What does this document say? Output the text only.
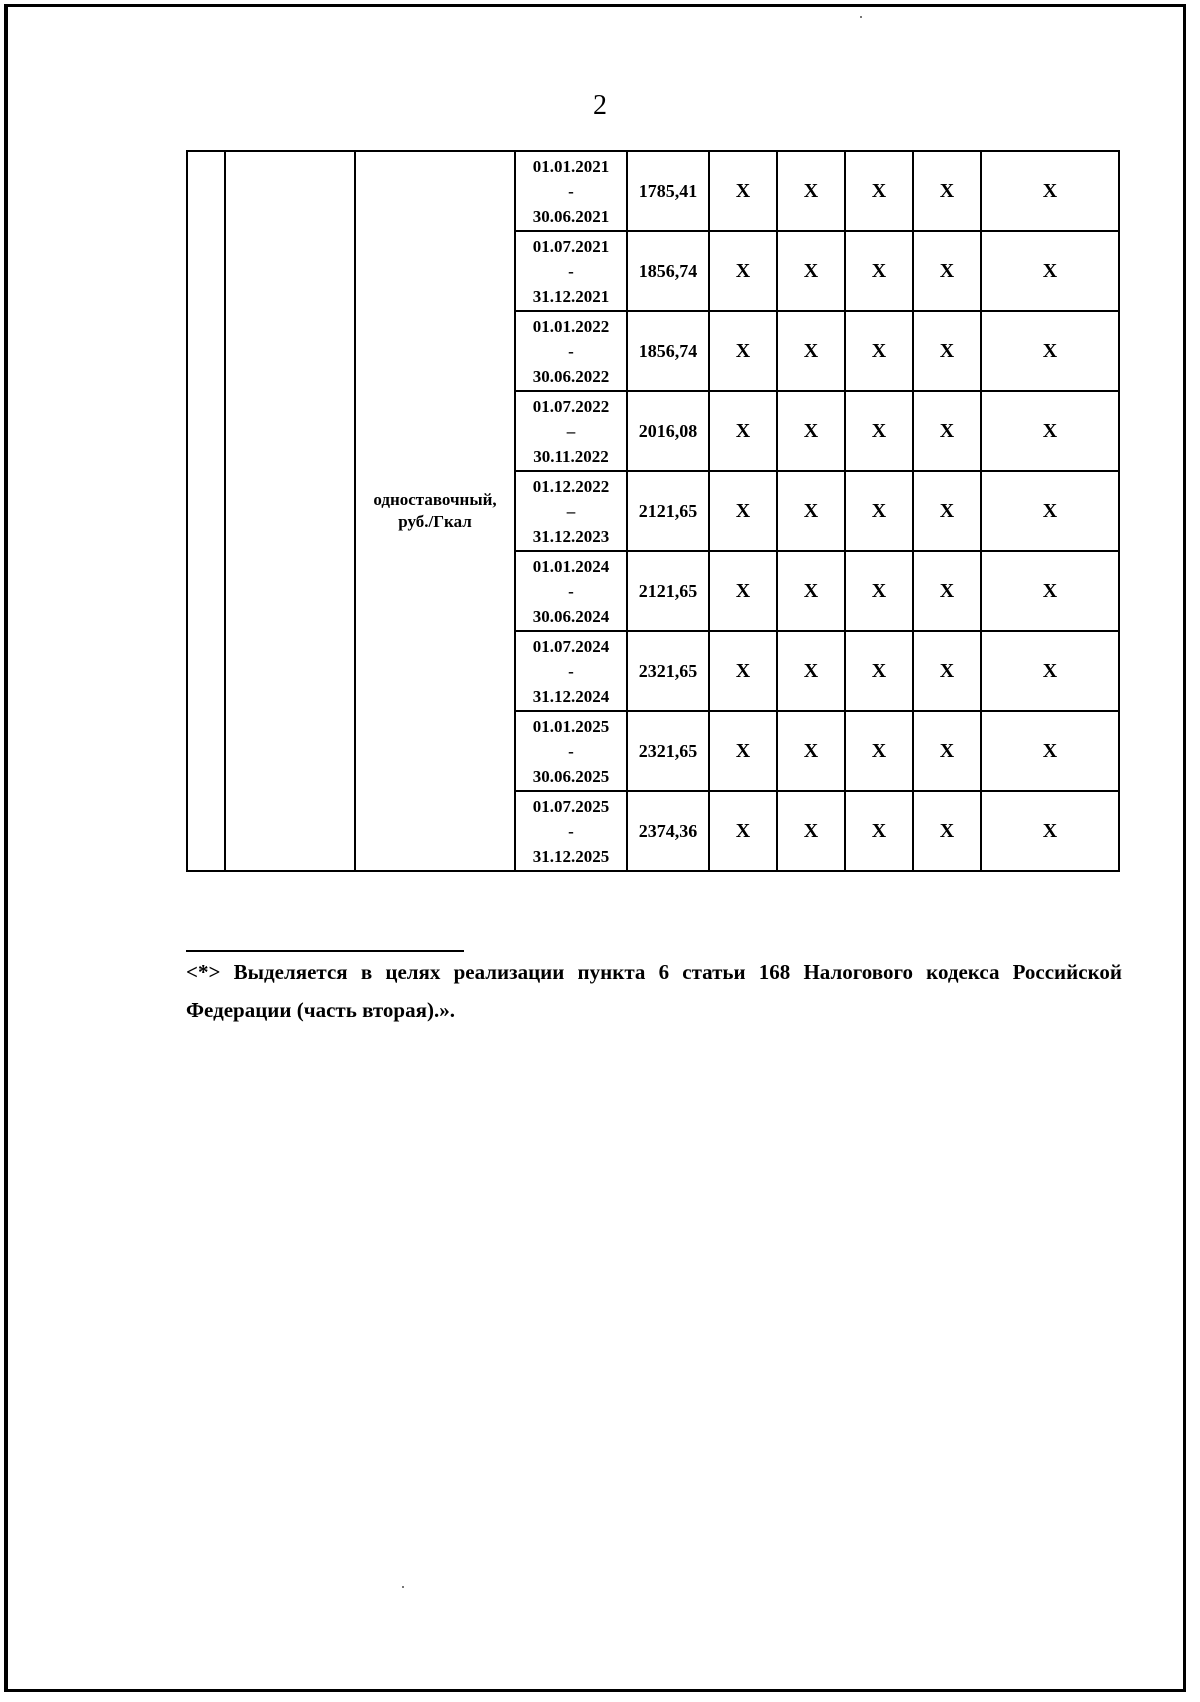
2
		одноставочный, руб./Гкал	01.01.2021
-
30.06.2021	1785,41	X	X	X	X	X

			01.07.2021
-
31.12.2021	1856,74	X	X	X	X	X

			01.01.2022
-
30.06.2022	1856,74	X	X	X	X	X

			01.07.2022
–
30.11.2022	2016,08	X	X	X	X	X

			01.12.2022
–
31.12.2023	2121,65	X	X	X	X	X

			01.01.2024
-
30.06.2024	2121,65	X	X	X	X	X

			01.07.2024
-
31.12.2024	2321,65	X	X	X	X	X

			01.01.2025
-
30.06.2025	2321,65	X	X	X	X	X

			01.07.2025
-
31.12.2025	2374,36	X	X	X	X	X
<*> Выделяется в целях реализации пункта 6 статьи 168 Налогового кодекса Российской Федерации (часть вторая).».
